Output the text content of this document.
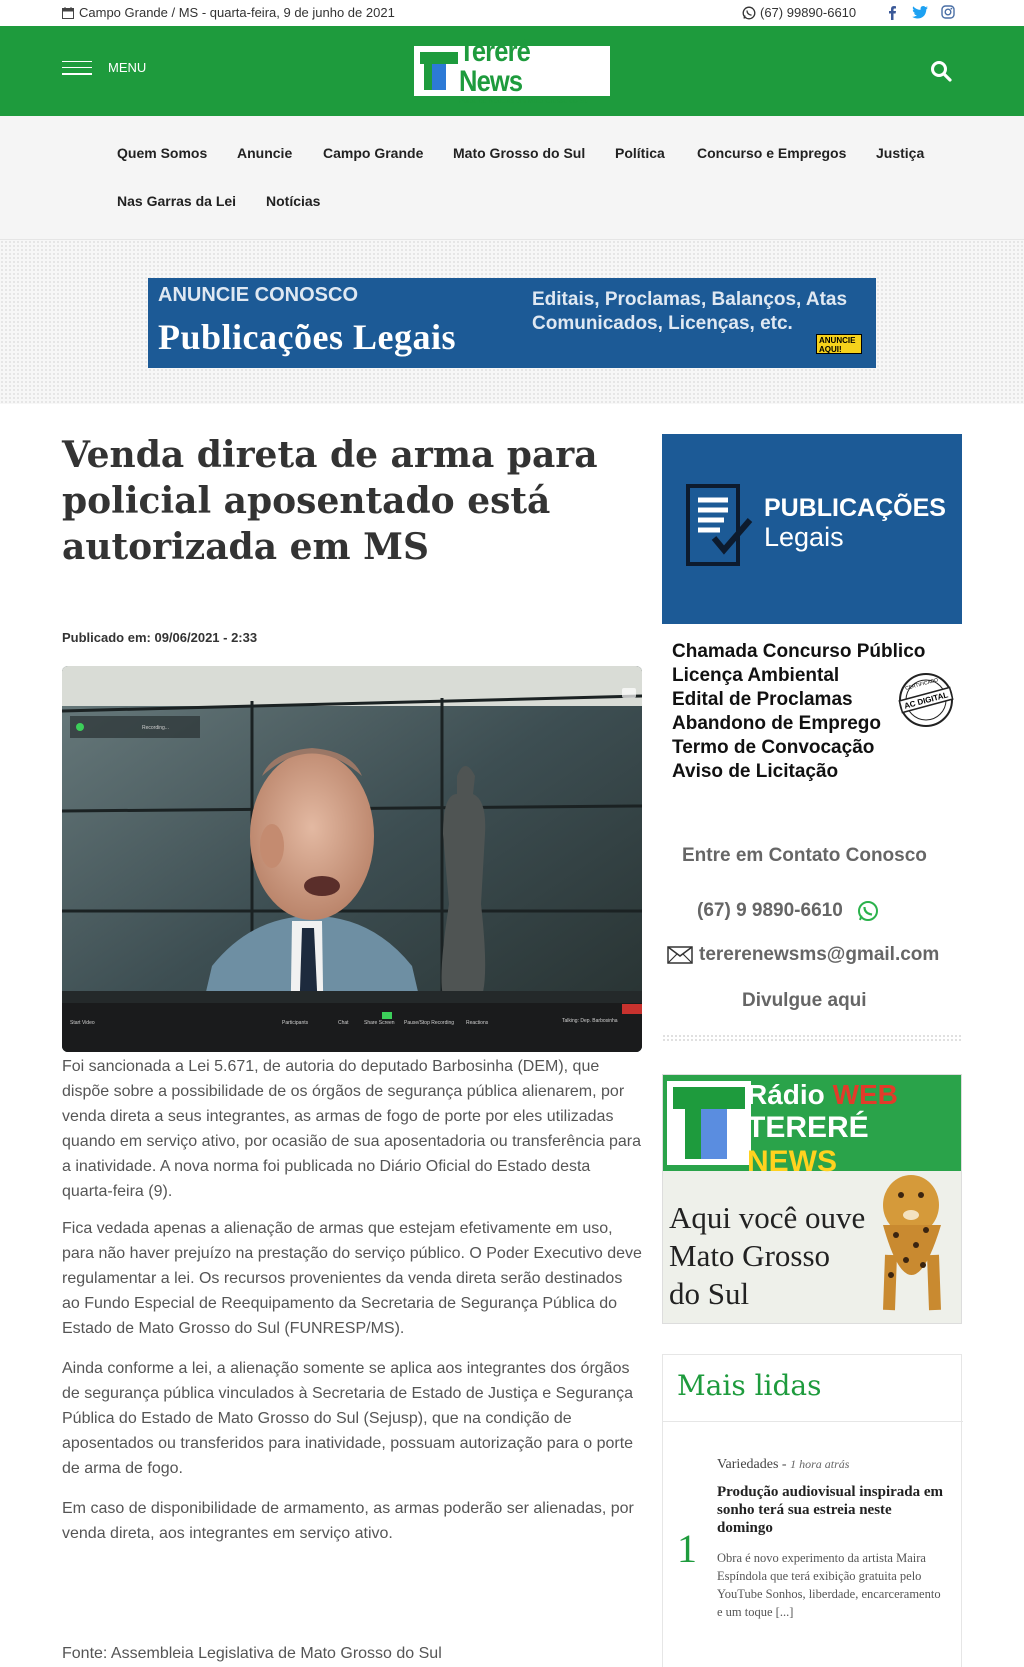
Campo Grande / MS - quarta-feira, 9 de junho de 2021	(67) 99890-6610
MENU	Tereré News
Portal de Notícias em Mato Grosso do Sul
Quem Somos Anuncie Campo Grande Mato Grosso do Sul Política Concurso e Empregos Justiça
Nas Garras da Lei Notícias
ANUNCIE CONOSCO
Publicações Legais
Editais, Proclamas, Balanços, Atas
Comunicados, Licenças, etc.
ANUNCIE AQUI!
Venda direta de arma para policial aposentado está autorizada em MS
Publicado em: 09/06/2021 - 2:33
Start Video	Participants	Chat	Share Screen Pause/Stop Recording Reactions	Talking: Dep. Barbosinha
Recording...

Foi sancionada a Lei 5.671, de autoria do deputado Barbosinha (DEM), que dispõe sobre a possibilidade de os órgãos de segurança pública alienarem, por venda direta a seus integrantes, as armas de fogo de porte por eles utilizadas quando em serviço ativo, por ocasião de sua aposentadoria ou transferência para a inatividade. A nova norma foi publicada no Diário Oficial do Estado desta quarta-feira (9).

Fica vedada apenas a alienação de armas que estejam efetivamente em uso, para não haver prejuízo na prestação do serviço público. O Poder Executivo deve regulamentar a lei. Os recursos provenientes da venda direta serão destinados ao Fundo Especial de Reequipamento da Secretaria de Segurança Pública do Estado de Mato Grosso do Sul (FUNRESP/MS).

Ainda conforme a lei, a alienação somente se aplica aos integrantes dos órgãos de segurança pública vinculados à Secretaria de Estado de Justiça e Segurança Pública do Estado de Mato Grosso do Sul (Sejusp), que na condição de aposentados ou transferidos para inatividade, possuam autorização para o porte de arma de fogo.

Em caso de disponibilidade de armamento, as armas poderão ser alienadas, por venda direta, aos integrantes em serviço ativo.

Fonte: Assembleia Legislativa de Mato Grosso do Sul

PUBLICAÇÕES
Legais
Chamada Concurso Público
Licença Ambiental
Edital de Proclamas
Abandono de Emprego
Termo de Convocação
Aviso de Licitação
AC DIGITAL
CERTIFICADO
Entre em Contato Conosco
(67) 9 9890-6610
tererenewsms@gmail.com
Divulgue aqui
Rádio WEB
TERERÉ NEWS
Aqui você ouve
Mato Grosso
do Sul
Mais lidas
Variedades - 1 hora atrás
1
Produção audiovisual inspirada em sonho terá sua estreia neste domingo
Obra é novo experimento da artista Maira Espíndola que terá exibição gratuita pelo YouTube Sonhos, liberdade, encarceramento e um toque [...]
